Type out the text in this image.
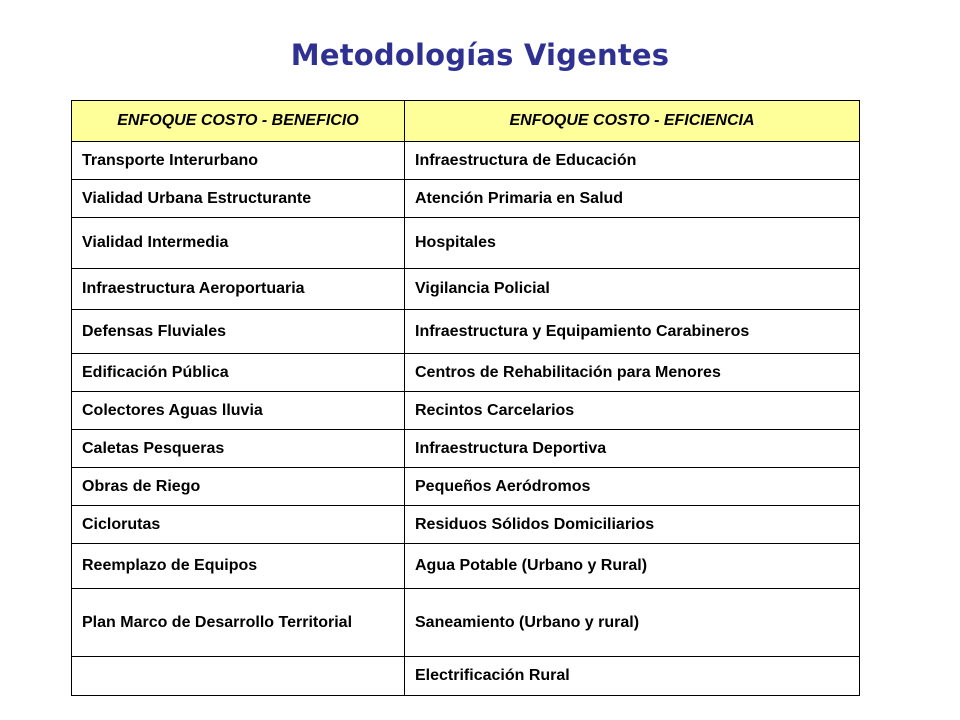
Metodologías Vigentes
ENFOQUE COSTO - BENEFICIO	ENFOQUE COSTO - EFICIENCIA
Transporte Interurbano	Infraestructura de Educación
Vialidad Urbana Estructurante	Atención Primaria en Salud
Vialidad Intermedia	Hospitales
Infraestructura Aeroportuaria	Vigilancia Policial
Defensas Fluviales	Infraestructura y Equipamiento Carabineros
Edificación Pública	Centros de Rehabilitación para Menores
Colectores Aguas lluvia	Recintos Carcelarios
Caletas Pesqueras	Infraestructura Deportiva
Obras de Riego	Pequeños Aeródromos
Ciclorutas	Residuos Sólidos Domiciliarios
Reemplazo de Equipos	Agua Potable (Urbano y Rural)

Plan Marco de Desarrollo Territorial	Saneamiento (Urbano y rural)
	Electrificación Rural
